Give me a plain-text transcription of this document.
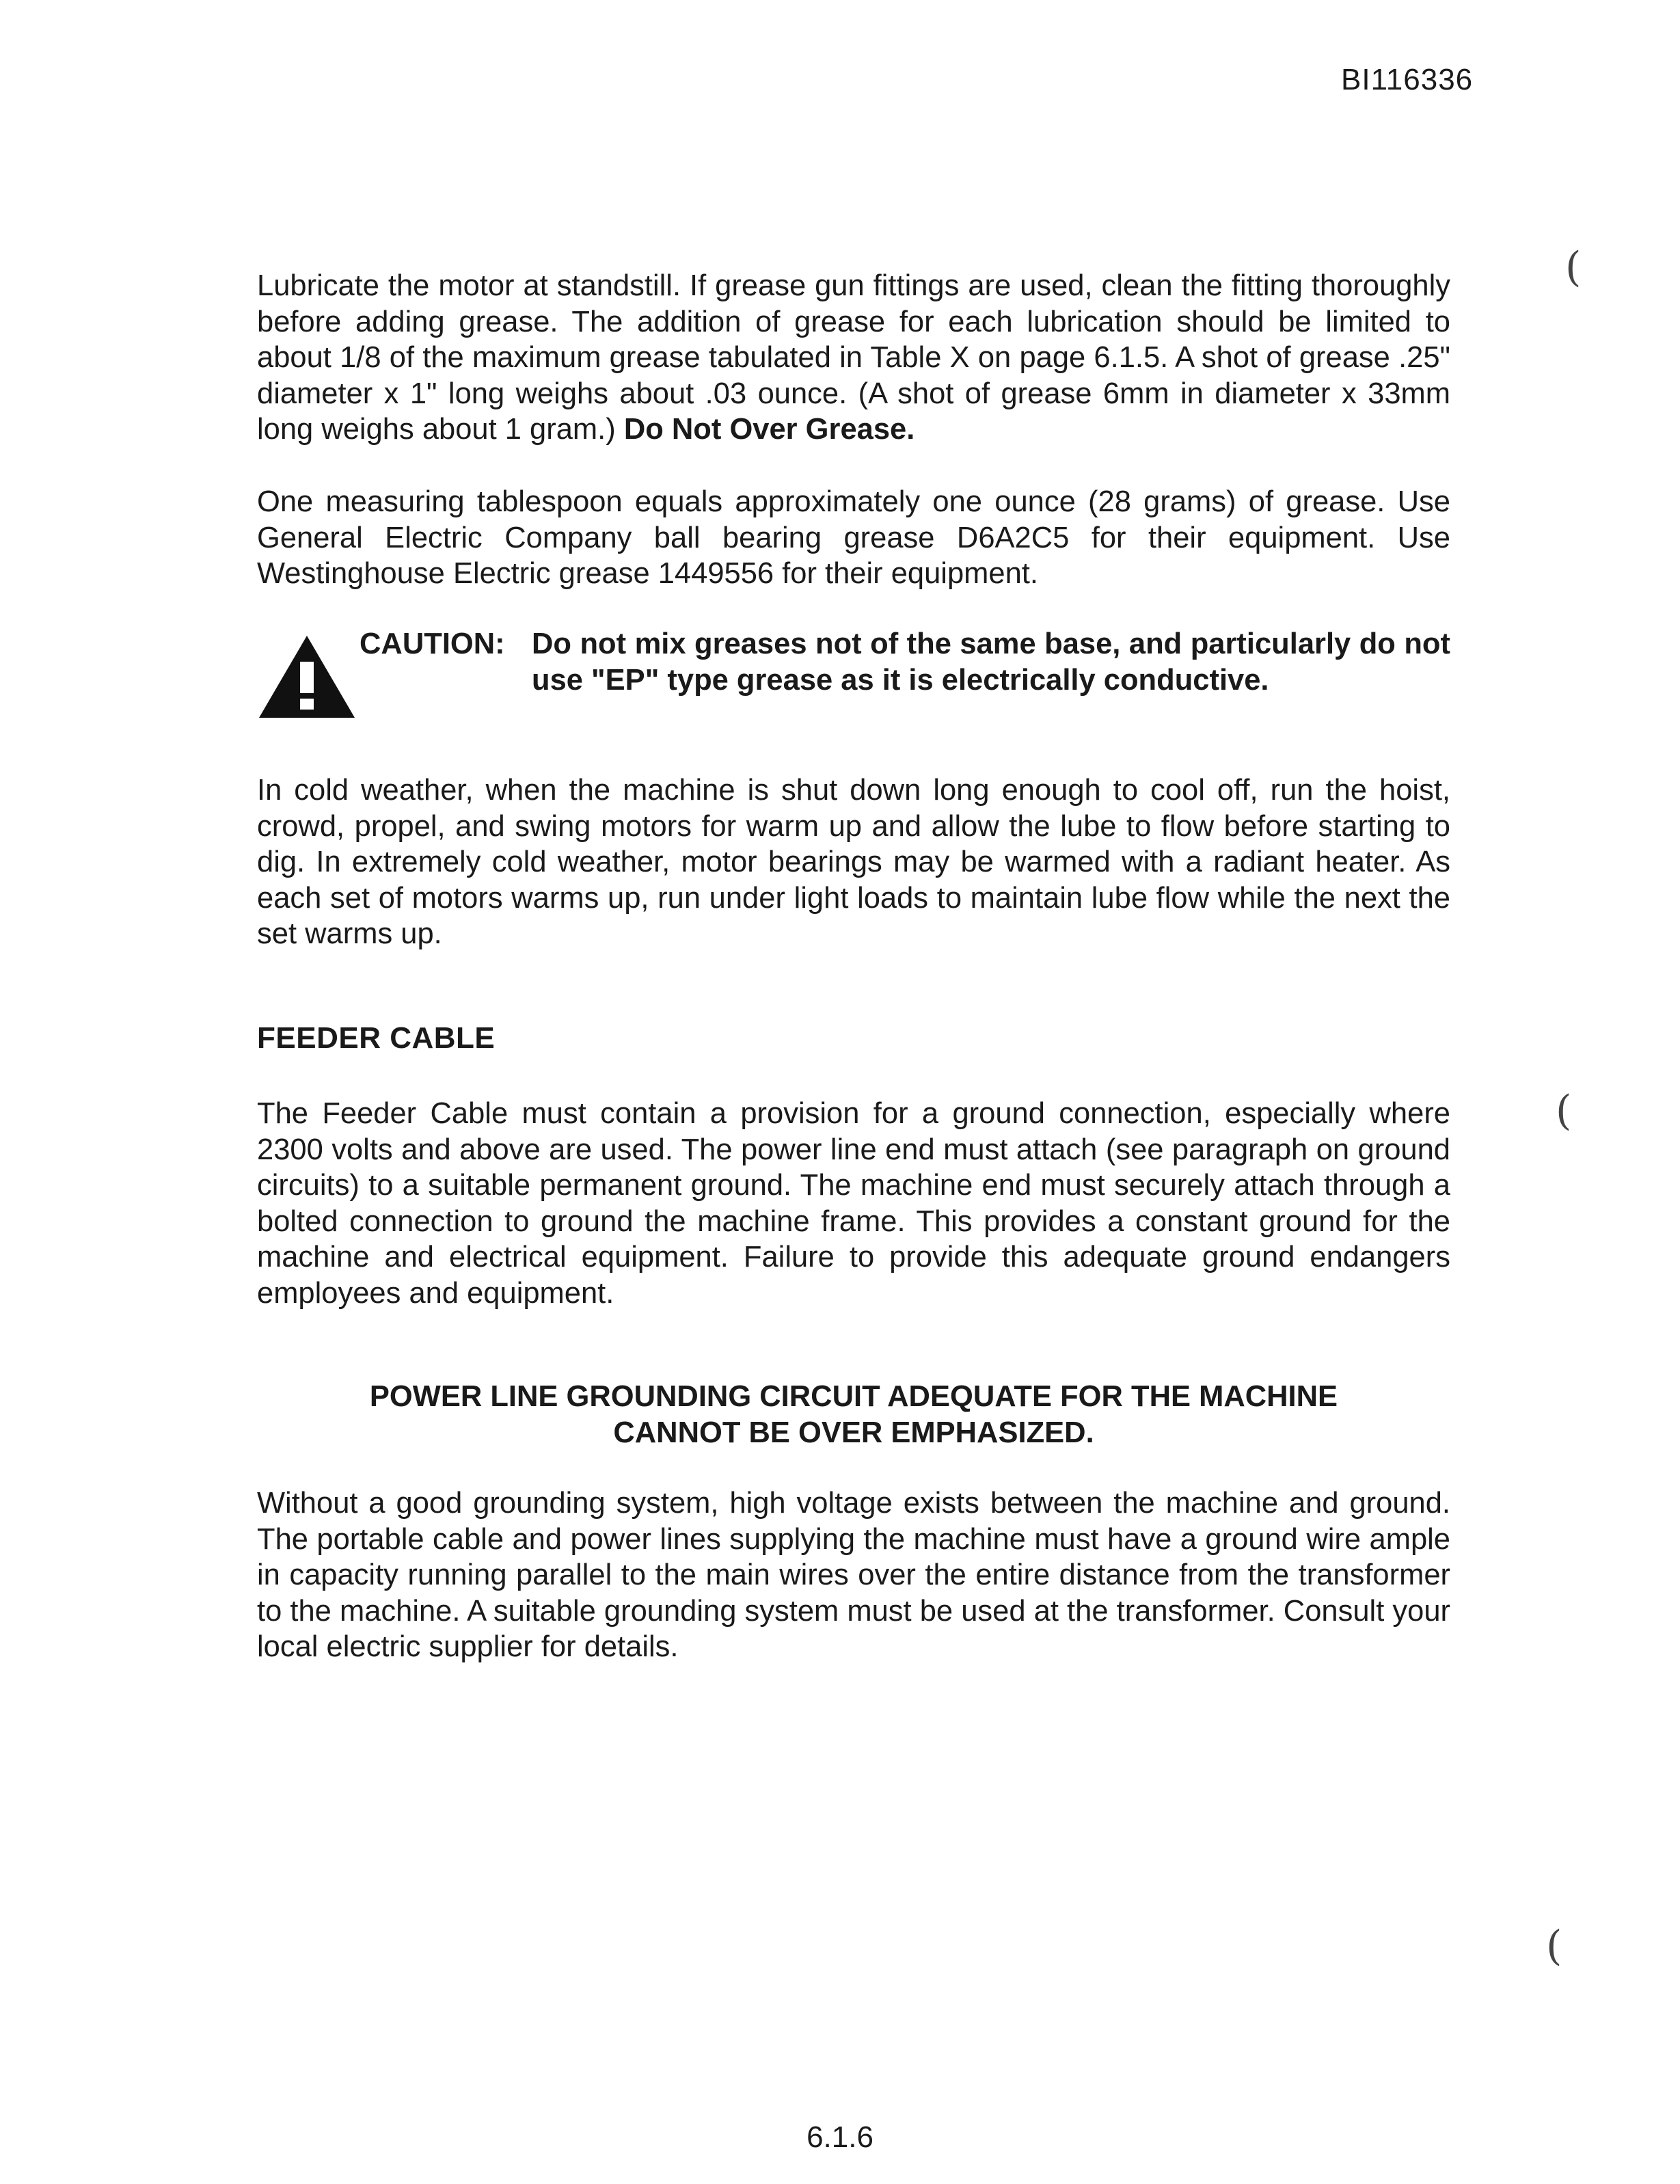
BI116336

Lubricate the motor at standstill. If grease gun fittings are used, clean the fitting thoroughly before adding grease. The addition of grease for each lubrication should be limited to about 1/8 of the maximum grease tabulated in Table X on page 6.1.5. A shot of grease .25" diameter x 1" long weighs about .03 ounce. (A shot of grease 6mm in diameter x 33mm long weighs about 1 gram.) Do Not Over Grease.

One measuring tablespoon equals approximately one ounce (28 grams) of grease. Use General Electric Company ball bearing grease D6A2C5 for their equipment. Use Westinghouse Electric grease 1449556 for their equipment.

CAUTION: Do not mix greases not of the same base, and particularly do not use "EP" type grease as it is electrically conductive.

In cold weather, when the machine is shut down long enough to cool off, run the hoist, crowd, propel, and swing motors for warm up and allow the lube to flow before starting to dig. In extremely cold weather, motor bearings may be warmed with a radiant heater. As each set of motors warms up, run under light loads to maintain lube flow while the next the set warms up.

FEEDER CABLE

The Feeder Cable must contain a provision for a ground connection, especially where 2300 volts and above are used. The power line end must attach (see paragraph on ground circuits) to a suitable permanent ground. The machine end must securely attach through a bolted connection to ground the machine frame. This provides a constant ground for the machine and electrical equipment. Failure to provide this adequate ground endangers employees and equipment.

POWER LINE GROUNDING CIRCUIT ADEQUATE FOR THE MACHINE
CANNOT BE OVER EMPHASIZED.

Without a good grounding system, high voltage exists between the machine and ground. The portable cable and power lines supplying the machine must have a ground wire ample in capacity running parallel to the main wires over the entire distance from the transformer to the machine. A suitable grounding system must be used at the transformer. Consult your local electric supplier for details.

(
(
(
6.1.6
